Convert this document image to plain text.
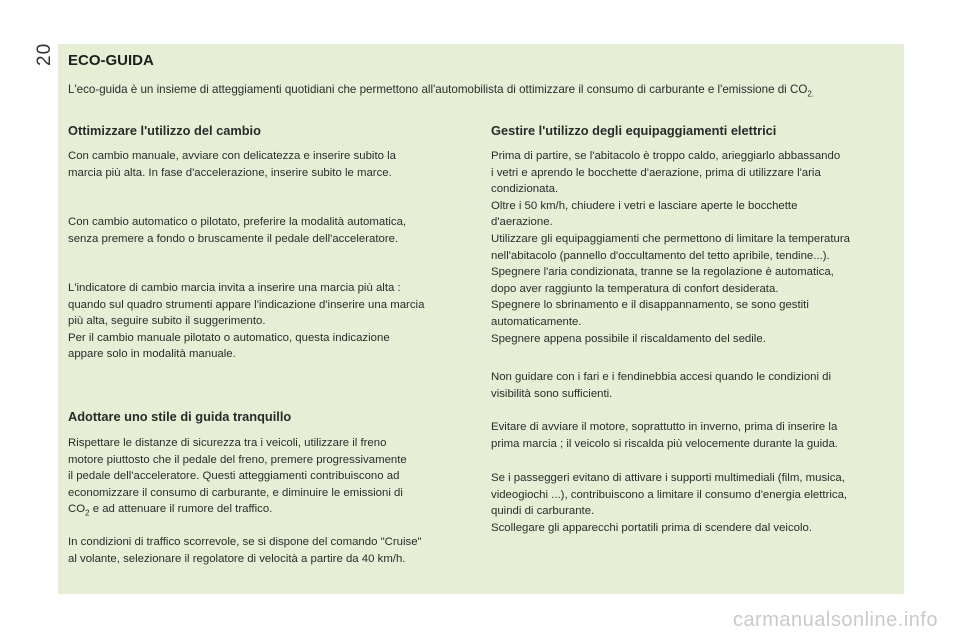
20 ECO-GUIDA
L'eco-guida è un insieme di atteggiamenti quotidiani che permettono all'automobilista di ottimizzare il consumo di carburante e l'emissione di $CO_{2.}$
Ottimizzare l'utilizzo del cambio

Con cambio manuale, avviare con delicatezza e inserire subito la
marcia più alta. In fase d'accelerazione, inserire subito le marce.

Con cambio automatico o pilotato, preferire la modalità automatica,
senza premere a fondo o bruscamente il pedale dell'acceleratore.

L'indicatore di cambio marcia invita a inserire una marcia più alta :
quando sul quadro strumenti appare l'indicazione d'inserire una marcia
più alta, seguire subito il suggerimento.
Per il cambio manuale pilotato o automatico, questa indicazione
appare solo in modalità manuale.

Adottare uno stile di guida tranquillo

Rispettare le distanze di sicurezza tra i veicoli, utilizzare il freno
motore piuttosto che il pedale del freno, premere progressivamente
il pedale dell'acceleratore. Questi atteggiamenti contribuiscono ad
economizzare il consumo di carburante, e diminuire le emissioni di
$CO_2$ e ad attenuare il rumore del traffico.

In condizioni di traffico scorrevole, se si dispone del comando "Cruise"
al volante, selezionare il regolatore di velocità a partire da 40 km/h.

Gestire l'utilizzo degli equipaggiamenti elettrici

Prima di partire, se l'abitacolo è troppo caldo, arieggiarlo abbassando
i vetri e aprendo le bocchette d'aerazione, prima di utilizzare l'aria
condizionata.
Oltre i 50 km/h, chiudere i vetri e lasciare aperte le bocchette
d'aerazione.
Utilizzare gli equipaggiamenti che permettono di limitare la temperatura
nell'abitacolo (pannello d'occultamento del tetto apribile, tendine...).
Spegnere l'aria condizionata, tranne se la regolazione è automatica,
dopo aver raggiunto la temperatura di confort desiderata.
Spegnere lo sbrinamento e il disappannamento, se sono gestiti
automaticamente.
Spegnere appena possibile il riscaldamento del sedile.

Non guidare con i fari e i fendinebbia accesi quando le condizioni di
visibilità sono sufficienti.

Evitare di avviare il motore, soprattutto in inverno, prima di inserire la
prima marcia ; il veicolo si riscalda più velocemente durante la guida.

Se i passeggeri evitano di attivare i supporti multimediali (film, musica,
videogiochi ...), contribuiscono a limitare il consumo d'energia elettrica,
quindi di carburante.
Scollegare gli apparecchi portatili prima di scendere dal veicolo.

carmanualsonline.info
